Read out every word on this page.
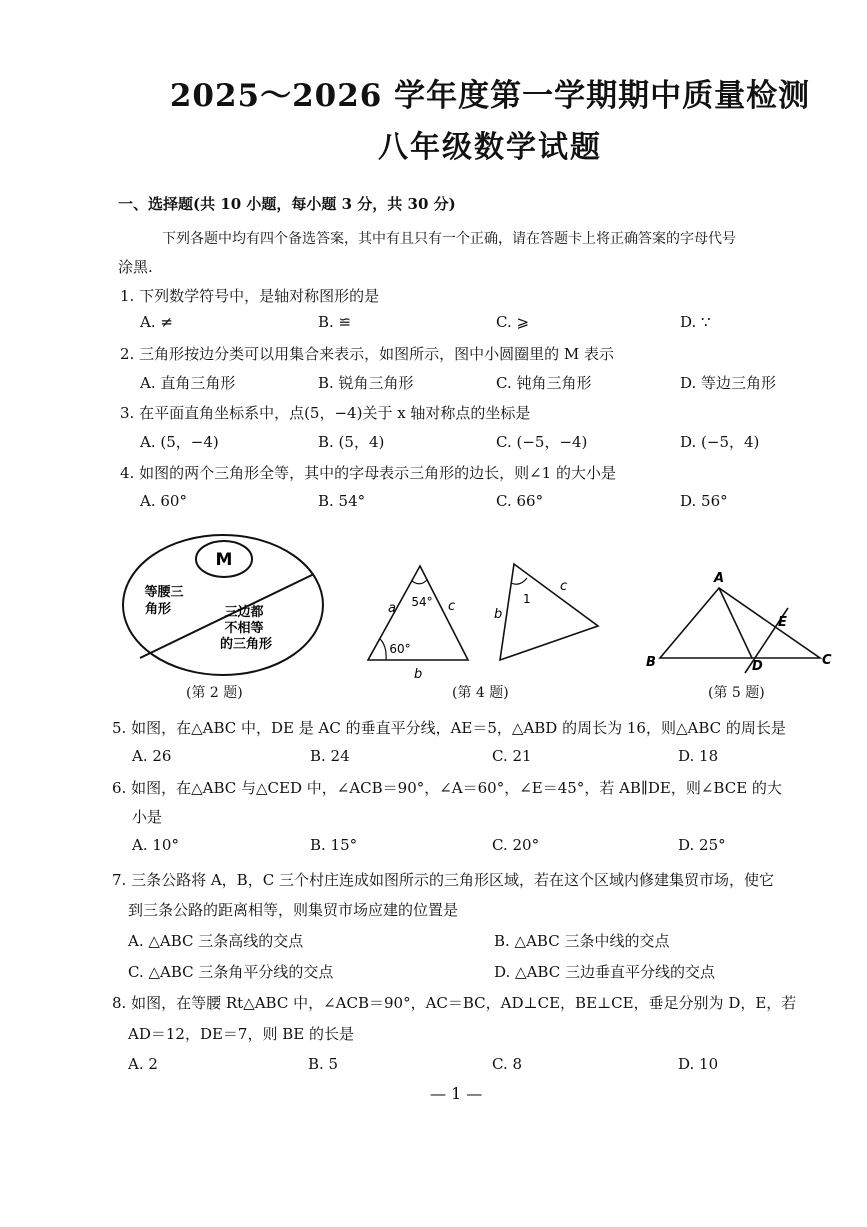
2025～2026 学年度第一学期期中质量检测
八年级数学试题
一、选择题(共 10 小题，每小题 3 分，共 30 分)
下列各题中均有四个备选答案，其中有且只有一个正确，请在答题卡上将正确答案的字母代号
涂黑.
1. 下列数学符号中，是轴对称图形的是
A. ≠	B. ≌	C. ⩾	D. ∵
2. 三角形按边分类可以用集合来表示，如图所示，图中小圆圈里的 M 表示
A. 直角三角形	B. 锐角三角形	C. 钝角三角形	D. 等边三角形
3. 在平面直角坐标系中，点(5，−4)关于 x 轴对称点的坐标是
A. (5，−4)	B. (5，4)	C. (−5，−4)	D. (−5，4)
4. 如图的两个三角形全等，其中的字母表示三角形的边长，则∠1 的大小是
A. 60°	B. 54°	C. 66°	D. 56°
M
等腰三
角形	三边都
不相等
的三角形
(第 2 题)
54°
60°
a	c
b
1
b
c
(第 4 题)
A
B	C
D
E
(第 5 题)
5. 如图，在△ABC 中，DE 是 AC 的垂直平分线，AE＝5，△ABD 的周长为 16，则△ABC 的周长是
A. 26	B. 24	C. 21	D. 18
6. 如图，在△ABC 与△CED 中，∠ACB＝90°，∠A＝60°，∠E＝45°，若 AB∥DE，则∠BCE 的大
小是
A. 10°	B. 15°	C. 20°	D. 25°
7. 三条公路将 A，B，C 三个村庄连成如图所示的三角形区域，若在这个区域内修建集贸市场，使它
到三条公路的距离相等，则集贸市场应建的位置是
A. △ABC 三条高线的交点	B. △ABC 三条中线的交点
C. △ABC 三条角平分线的交点	D. △ABC 三边垂直平分线的交点
8. 如图，在等腰 Rt△ABC 中，∠ACB＝90°，AC＝BC，AD⊥CE，BE⊥CE，垂足分别为 D，E，若
AD＝12，DE＝7，则 BE 的长是
A. 2	B. 5	C. 8	D. 10
— 1 —
